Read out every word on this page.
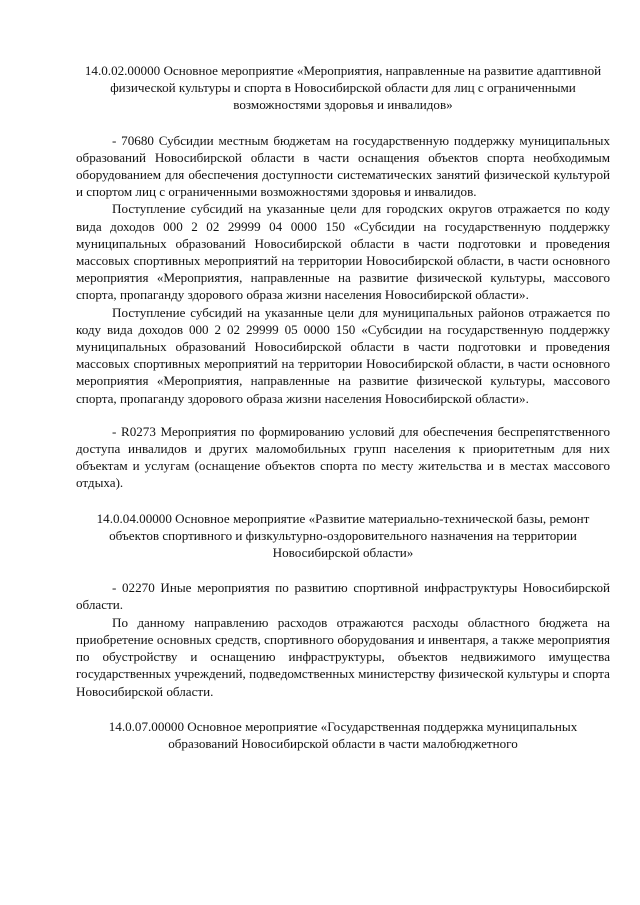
14.0.02.00000 Основное мероприятие «Мероприятия, направленные на развитие адаптивной физической культуры и спорта в Новосибирской области для лиц с ограниченными возможностями здоровья и инвалидов»

- 70680 Субсидии местным бюджетам на государственную поддержку муниципальных образований Новосибирской области в части оснащения объектов спорта необходимым оборудованием для обеспечения доступности систематических занятий физической культурой и спортом лиц с ограниченными возможностями здоровья и инвалидов.

Поступление субсидий на указанные цели для городских округов отражается по коду вида доходов 000 2 02 29999 04 0000 150 «Субсидии на государственную поддержку муниципальных образований Новосибирской области в части подготовки и проведения массовых спортивных мероприятий на территории Новосибирской области, в части основного мероприятия «Мероприятия, направленные на развитие физической культуры, массового спорта, пропаганду здорового образа жизни населения Новосибирской области».

Поступление субсидий на указанные цели для муниципальных районов отражается по коду вида доходов 000 2 02 29999 05 0000 150 «Субсидии на государственную поддержку муниципальных образований Новосибирской области в части подготовки и проведения массовых спортивных мероприятий на территории Новосибирской области, в части основного мероприятия «Мероприятия, направленные на развитие физической культуры, массового спорта, пропаганду здорового образа жизни населения Новосибирской области».

- R0273 Мероприятия по формированию условий для обеспечения беспрепятственного доступа инвалидов и других маломобильных групп населения к приоритетным для них объектам и услугам (оснащение объектов спорта по месту жительства и в местах массового отдыха).

14.0.04.00000 Основное мероприятие «Развитие материально-технической базы, ремонт объектов спортивного и физкультурно-оздоровительного назначения на территории Новосибирской области»

- 02270 Иные мероприятия по развитию спортивной инфраструктуры Новосибирской области.

По данному направлению расходов отражаются расходы областного бюджета на приобретение основных средств, спортивного оборудования и инвентаря, а также мероприятия по обустройству и оснащению инфраструктуры, объектов недвижимого имущества государственных учреждений, подведомственных министерству физической культуры и спорта Новосибирской области.

14.0.07.00000 Основное мероприятие «Государственная поддержка муниципальных образований Новосибирской области в части малобюджетного
